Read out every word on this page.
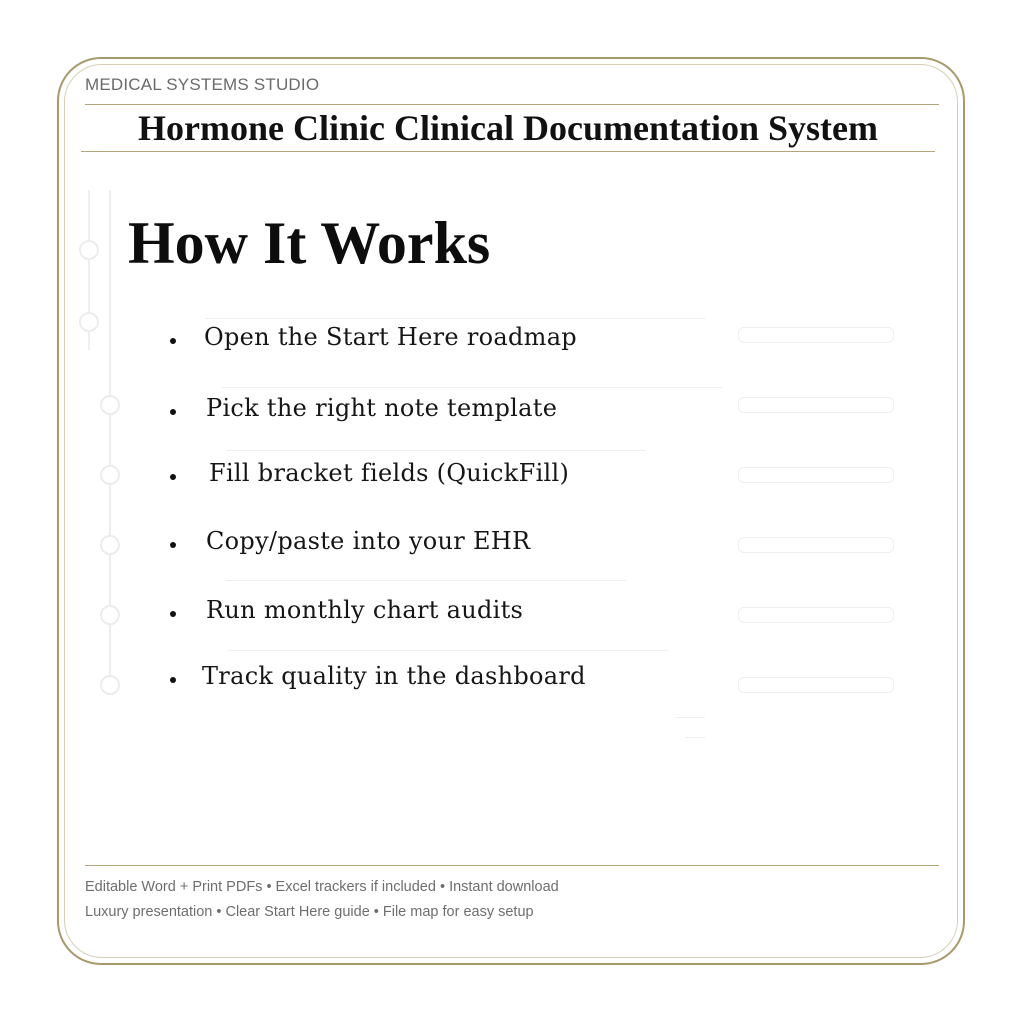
MEDICAL SYSTEMS STUDIO
Hormone Clinic Clinical Documentation System
How It Works
Open the Start Here roadmap
Pick the right note template
Fill bracket fields (QuickFill)
Copy/paste into your EHR
Run monthly chart audits
Track quality in the dashboard
Editable Word + Print PDFs • Excel trackers if included • Instant download
Luxury presentation • Clear Start Here guide • File map for easy setup
